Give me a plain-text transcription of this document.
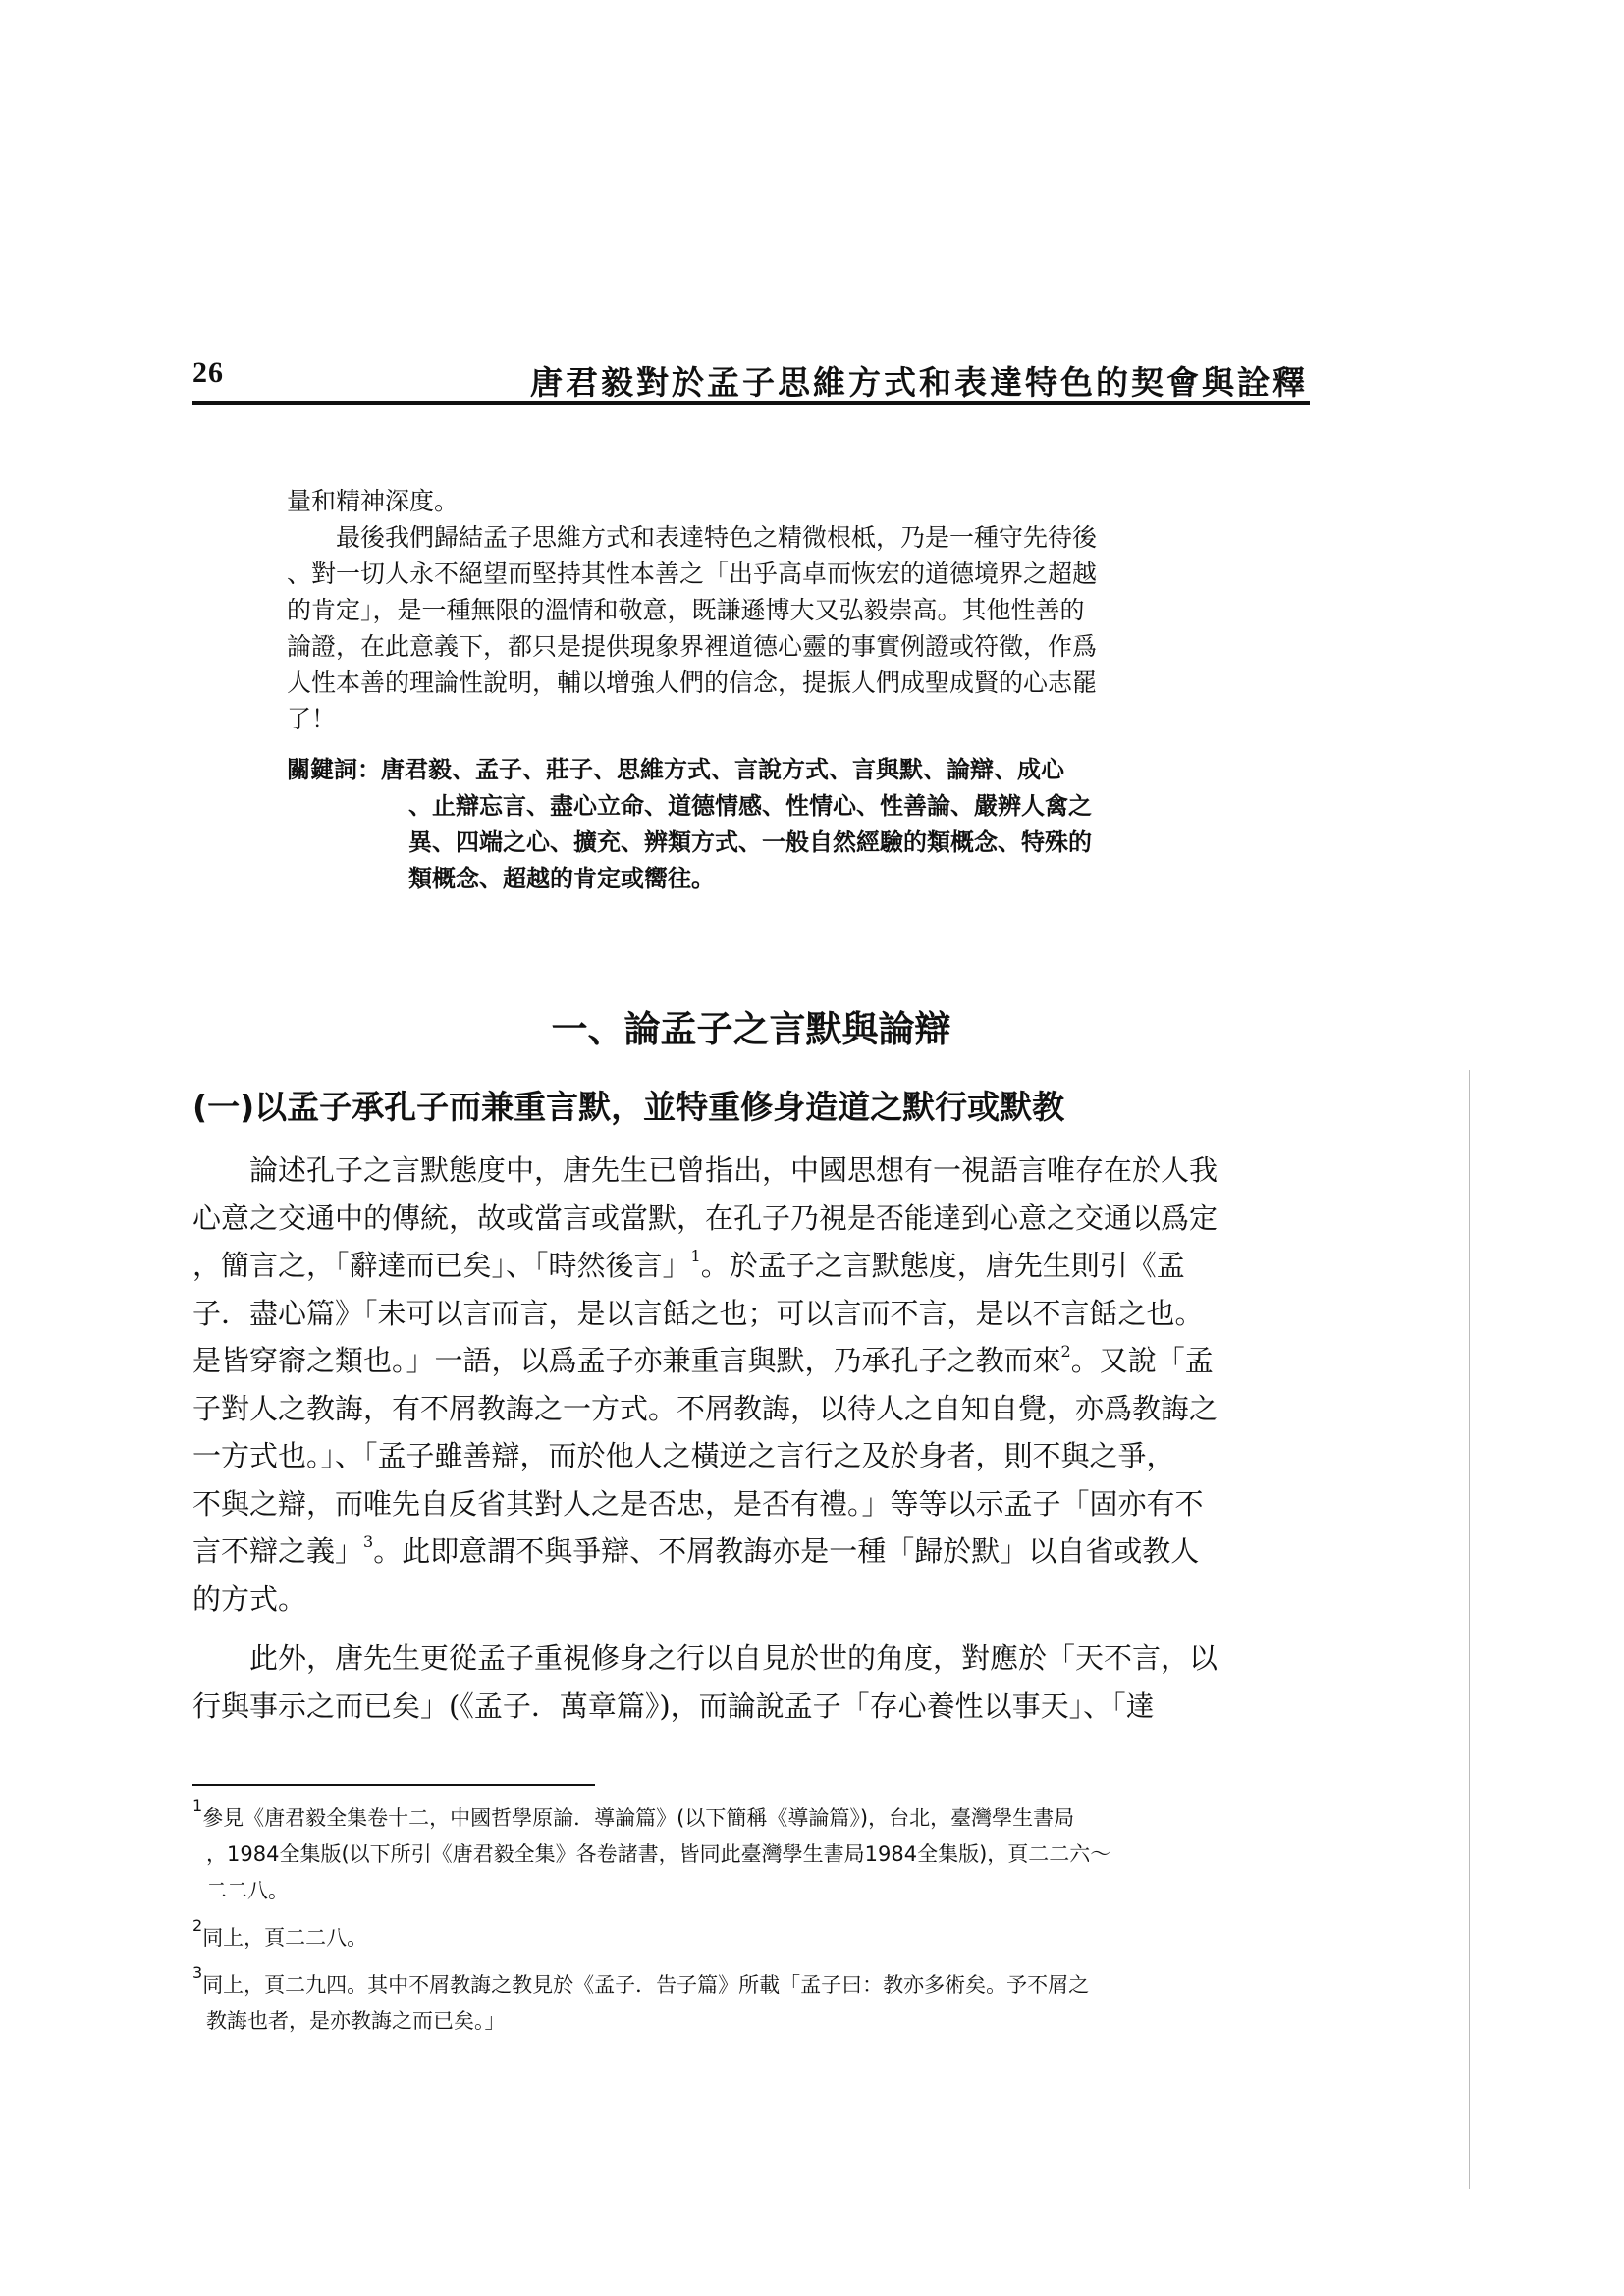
26	唐君毅對於孟子思維方式和表達特色的契會與詮釋

量和精神深度。

最後我們歸結孟子思維方式和表達特色之精微根柢，乃是一種守先待後

、對一切人永不絕望而堅持其性本善之「出乎高卓而恢宏的道德境界之超越

的肯定」，是一種無限的溫情和敬意，既謙遜博大又弘毅崇高。其他性善的

論證，在此意義下，都只是提供現象界裡道德心靈的事實例證或符徵，作爲

人性本善的理論性說明，輔以增強人們的信念，提振人們成聖成賢的心志罷

了！

關鍵詞：唐君毅、孟子、莊子、思維方式、言說方式、言與默、論辯、成心

、止辯忘言、盡心立命、道德情感、性情心、性善論、嚴辨人禽之

異、四端之心、擴充、辨類方式、一般自然經驗的類概念、特殊的

類概念、超越的肯定或嚮往。

一、論孟子之言默與論辯
(一)以孟子承孔子而兼重言默，並特重修身造道之默行或默教

論述孔子之言默態度中，唐先生已曾指出，中國思想有一視語言唯存在於人我

心意之交通中的傳統，故或當言或當默，在孔子乃視是否能達到心意之交通以爲定

，簡言之，「辭達而已矣」、「時然後言」$^1$。於孟子之言默態度，唐先生則引《孟

子．盡心篇》「未可以言而言，是以言餂之也；可以言而不言，是以不言餂之也。

是皆穿窬之類也。」一語，以爲孟子亦兼重言與默，乃承孔子之教而來$^2$。又說「孟

子對人之教誨，有不屑教誨之一方式。不屑教誨，以待人之自知自覺，亦爲教誨之

一方式也。」、「孟子雖善辯，而於他人之橫逆之言行之及於身者，則不與之爭，

不與之辯，而唯先自反省其對人之是否忠，是否有禮。」等等以示孟子「固亦有不

言不辯之義」$^3$。此即意謂不與爭辯、不屑教誨亦是一種「歸於默」以自省或教人

的方式。

此外，唐先生更從孟子重視修身之行以自見於世的角度，對應於「天不言，以

行與事示之而已矣」(《孟子．萬章篇》)，而論說孟子「存心養性以事天」、「達

$^1$參見《唐君毅全集卷十二，中國哲學原論．導論篇》(以下簡稱《導論篇》)，台北，臺灣學生書局

，1984全集版(以下所引《唐君毅全集》各卷諸書，皆同此臺灣學生書局1984全集版)，頁二二六～

二二八。

$^2$同上，頁二二八。

$^3$同上，頁二九四。其中不屑教誨之教見於《孟子．告子篇》所載「孟子曰：教亦多術矣。予不屑之

教誨也者，是亦教誨之而已矣。」
